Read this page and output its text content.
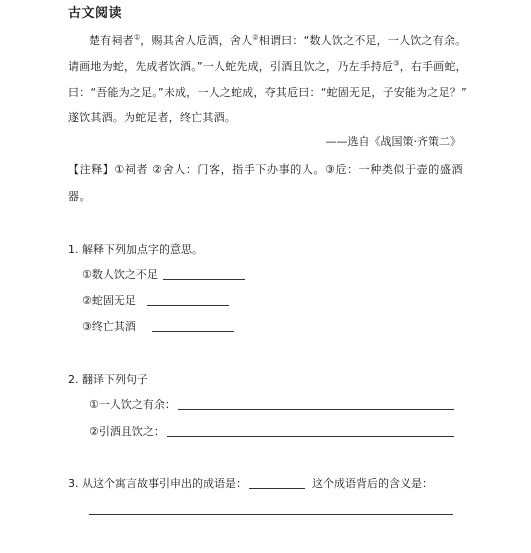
古文阅读
楚有祠者①，赐其舍人卮酒，舍人②相谓曰：“数人饮之不足，一人饮之有余。
请画地为蛇，先成者饮酒。”一人蛇先成，引酒且饮之，乃左手持卮③，右手画蛇，
曰：“吾能为之足。”未成，一人之蛇成，夺其卮曰：“蛇固无足，子安能为之足？”
遂饮其酒。为蛇足者，终亡其酒。
——选自《战国策·齐策二》
【注释】①祠者 ②舍人：门客，指手下办事的人。③卮：一种类似于壶的盛酒
器。
1. 解释下列加点字的意思。
①数人饮之不足
②蛇固无足
③终亡其酒
2. 翻译下列句子
①一人饮之有余：
②引酒且饮之：
3. 从这个寓言故事引申出的成语是：	这个成语背后的含义是：
